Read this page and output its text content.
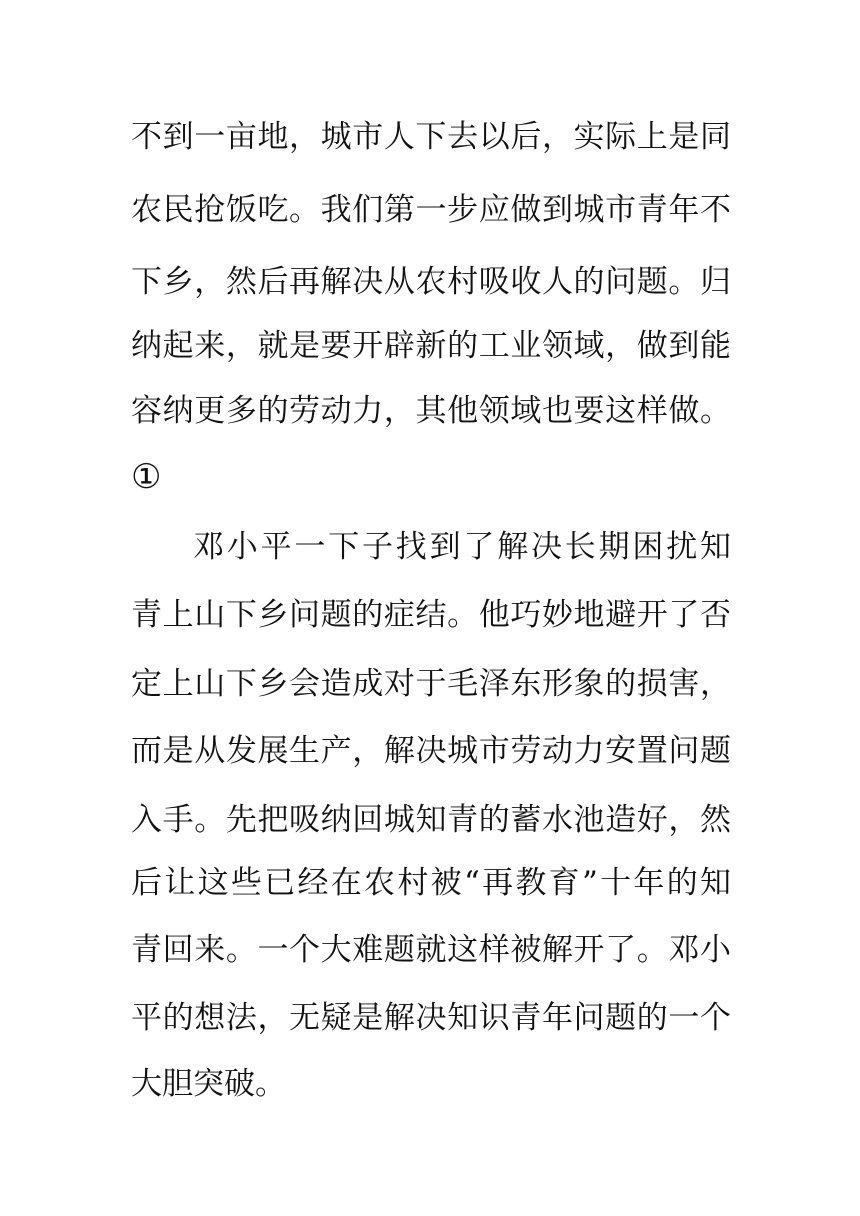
不到一亩地，城市人下去以后，实际上是同
农民抢饭吃。我们第一步应做到城市青年不
下乡，然后再解决从农村吸收人的问题。归
纳起来，就是要开辟新的工业领域，做到能
容纳更多的劳动力，其他领域也要这样做。
①
邓小平一下子找到了解决长期困扰知
青上山下乡问题的症结。他巧妙地避开了否
定上山下乡会造成对于毛泽东形象的损害，
而是从发展生产，解决城市劳动力安置问题
入手。先把吸纳回城知青的蓄水池造好，然
后让这些已经在农村被“再教育”十年的知
青回来。一个大难题就这样被解开了。邓小
平的想法，无疑是解决知识青年问题的一个
大胆突破。
